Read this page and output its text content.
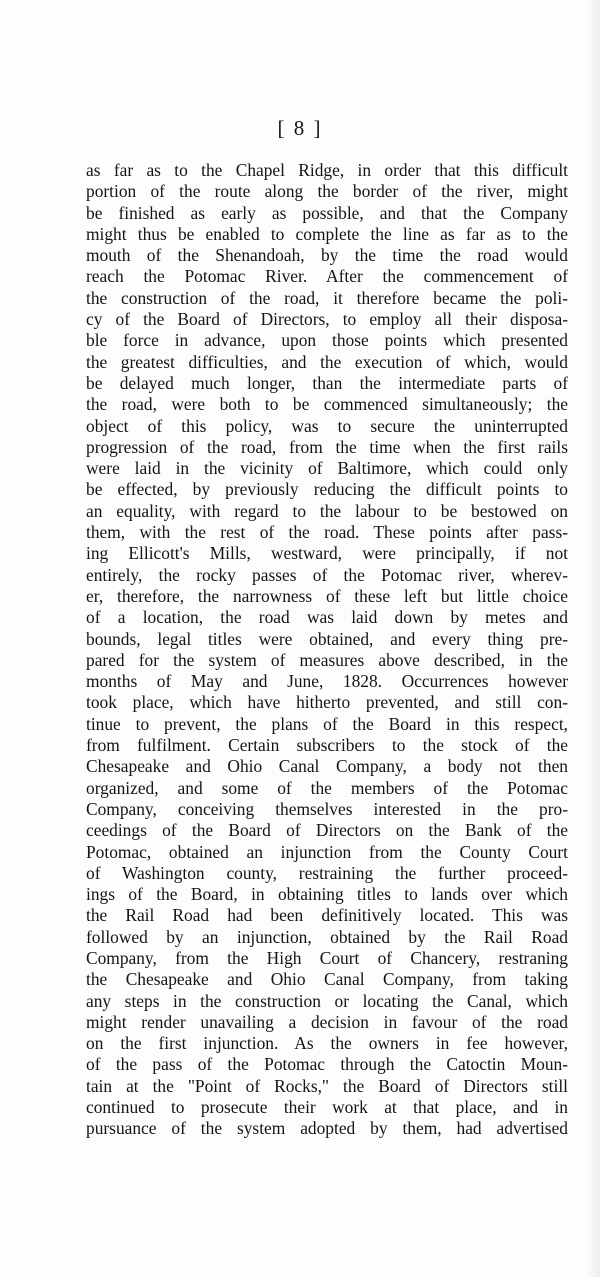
[ 8 ]
as far as to the Chapel Ridge, in order that this difficult
portion of the route along the border of the river, might
be finished as early as possible, and that the Company
might thus be enabled to complete the line as far as to the
mouth of the Shenandoah, by the time the road would
reach the Potomac River. After the commencement of
the construction of the road, it therefore became the poli-
cy of the Board of Directors, to employ all their disposa-
ble force in advance, upon those points which presented
the greatest difficulties, and the execution of which, would
be delayed much longer, than the intermediate parts of
the road, were both to be commenced simultaneously; the
object of this policy, was to secure the uninterrupted
progression of the road, from the time when the first rails
were laid in the vicinity of Baltimore, which could only
be effected, by previously reducing the difficult points to
an equality, with regard to the labour to be bestowed on
them, with the rest of the road. These points after pass-
ing Ellicott's Mills, westward, were principally, if not
entirely, the rocky passes of the Potomac river, wherev-
er, therefore, the narrowness of these left but little choice
of a location, the road was laid down by metes and
bounds, legal titles were obtained, and every thing pre-
pared for the system of measures above described, in the
months of May and June, 1828. Occurrences however
took place, which have hitherto prevented, and still con-
tinue to prevent, the plans of the Board in this respect,
from fulfilment. Certain subscribers to the stock of the
Chesapeake and Ohio Canal Company, a body not then
organized, and some of the members of the Potomac
Company, conceiving themselves interested in the pro-
ceedings of the Board of Directors on the Bank of the
Potomac, obtained an injunction from the County Court
of Washington county, restraining the further proceed-
ings of the Board, in obtaining titles to lands over which
the Rail Road had been definitively located. This was
followed by an injunction, obtained by the Rail Road
Company, from the High Court of Chancery, restraning
the Chesapeake and Ohio Canal Company, from taking
any steps in the construction or locating the Canal, which
might render unavailing a decision in favour of the road
on the first injunction. As the owners in fee however,
of the pass of the Potomac through the Catoctin Moun-
tain at the "Point of Rocks," the Board of Directors still
continued to prosecute their work at that place, and in
pursuance of the system adopted by them, had advertised
